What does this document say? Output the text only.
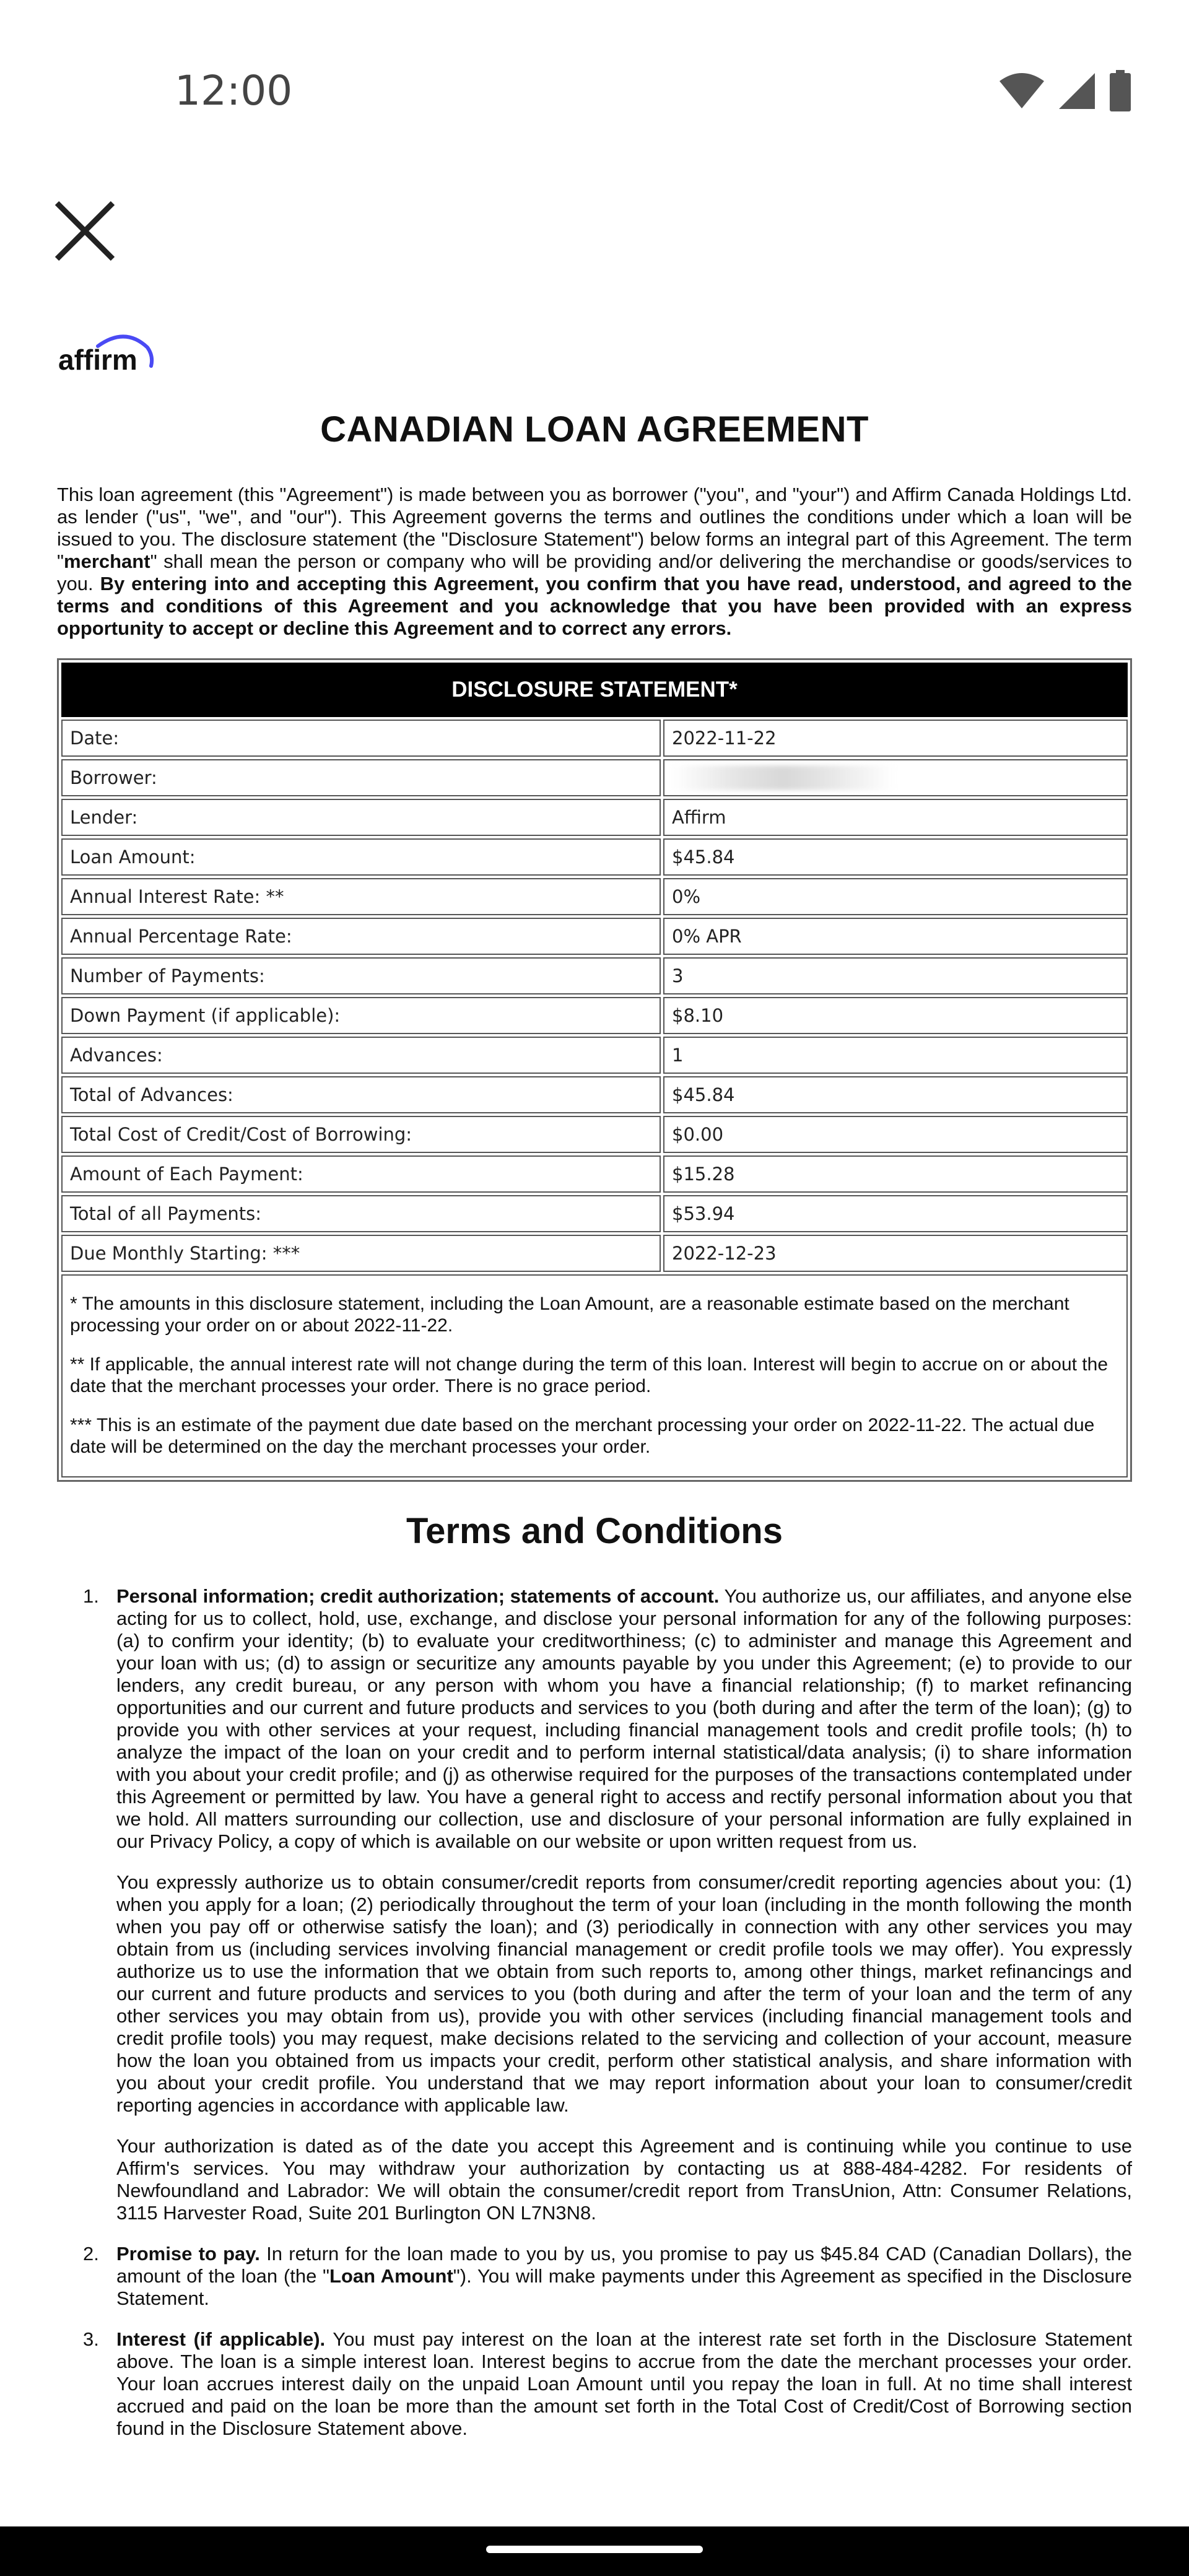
12:00
affirm
CANADIAN LOAN AGREEMENT

This loan agreement (this "Agreement") is made between you as borrower ("you", and "your") and Affirm Canada Holdings Ltd. as lender ("us", "we", and "our"). This Agreement governs the terms and outlines the conditions under which a loan will be issued to you. The disclosure statement (the "Disclosure Statement") below forms an integral part of this Agreement. The term "merchant" shall mean the person or company who will be providing and/or delivering the merchandise or goods/services to you. By entering into and accepting this Agreement, you confirm that you have read, understood, and agreed to the terms and conditions of this Agreement and you acknowledge that you have been provided with an express opportunity to accept or decline this Agreement and to correct any errors.

DISCLOSURE STATEMENT*
Date:		2022-11-22
Borrower:		
Lender:		Affirm
Loan Amount:		$45.84
Annual Interest Rate: **		0%
Annual Percentage Rate:		0% APR
Number of Payments:		3
Down Payment (if applicable):		$8.10
Advances:		1
Total of Advances:		$45.84
Total Cost of Credit/Cost of Borrowing:		$0.00
Amount of Each Payment:		$15.28
Total of all Payments:		$53.94
Due Monthly Starting: ***		2022-12-23

* The amounts in this disclosure statement, including the Loan Amount, are a reasonable estimate based on the merchant processing your order on or about 2022-11-22.

** If applicable, the annual interest rate will not change during the term of this loan. Interest will begin to accrue on or about the date that the merchant processes your order. There is no grace period.

*** This is an estimate of the payment due date based on the merchant processing your order on 2022-11-22. The actual due date will be determined on the day the merchant processes your order.

Terms and Conditions
1. Personal information; credit authorization; statements of account. You authorize us, our affiliates, and anyone else acting for us to collect, hold, use, exchange, and disclose your personal information for any of the following purposes: (a) to confirm your identity; (b) to evaluate your creditworthiness; (c) to administer and manage this Agreement and your loan with us; (d) to assign or securitize any amounts payable by you under this Agreement; (e) to provide to our lenders, any credit bureau, or any person with whom you have a financial relationship; (f) to market refinancing opportunities and our current and future products and services to you (both during and after the term of the loan); (g) to provide you with other services at your request, including financial management tools and credit profile tools; (h) to analyze the impact of the loan on your credit and to perform internal statistical/data analysis; (i) to share information with you about your credit profile; and (j) as otherwise required for the purposes of the transactions contemplated under this Agreement or permitted by law. You have a general right to access and rectify personal information about you that we hold. All matters surrounding our collection, use and disclosure of your personal information are fully explained in our Privacy Policy, a copy of which is available on our website or upon written request from us.

You expressly authorize us to obtain consumer/credit reports from consumer/credit reporting agencies about you: (1) when you apply for a loan; (2) periodically throughout the term of your loan (including in the month following the month when you pay off or otherwise satisfy the loan); and (3) periodically in connection with any other services you may obtain from us (including services involving financial management or credit profile tools we may offer). You expressly authorize us to use the information that we obtain from such reports to, among other things, market refinancings and our current and future products and services to you (both during and after the term of your loan and the term of any other services you may obtain from us), provide you with other services (including financial management tools and credit profile tools) you may request, make decisions related to the servicing and collection of your account, measure how the loan you obtained from us impacts your credit, perform other statistical analysis, and share information with you about your credit profile. You understand that we may report information about your loan to consumer/credit reporting agencies in accordance with applicable law.

Your authorization is dated as of the date you accept this Agreement and is continuing while you continue to use Affirm's services. You may withdraw your authorization by contacting us at 888-484-4282. For residents of Newfoundland and Labrador: We will obtain the consumer/credit report from TransUnion, Attn: Consumer Relations, 3115 Harvester Road, Suite 201 Burlington ON L7N3N8.

2. Promise to pay. In return for the loan made to you by us, you promise to pay us $45.84 CAD (Canadian Dollars), the amount of the loan (the "Loan Amount"). You will make payments under this Agreement as specified in the Disclosure Statement.

3. Interest (if applicable). You must pay interest on the loan at the interest rate set forth in the Disclosure Statement above. The loan is a simple interest loan. Interest begins to accrue from the date the merchant processes your order. Your loan accrues interest daily on the unpaid Loan Amount until you repay the loan in full. At no time shall interest accrued and paid on the loan be more than the amount set forth in the Total Cost of Credit/Cost of Borrowing section found in the Disclosure Statement above.
